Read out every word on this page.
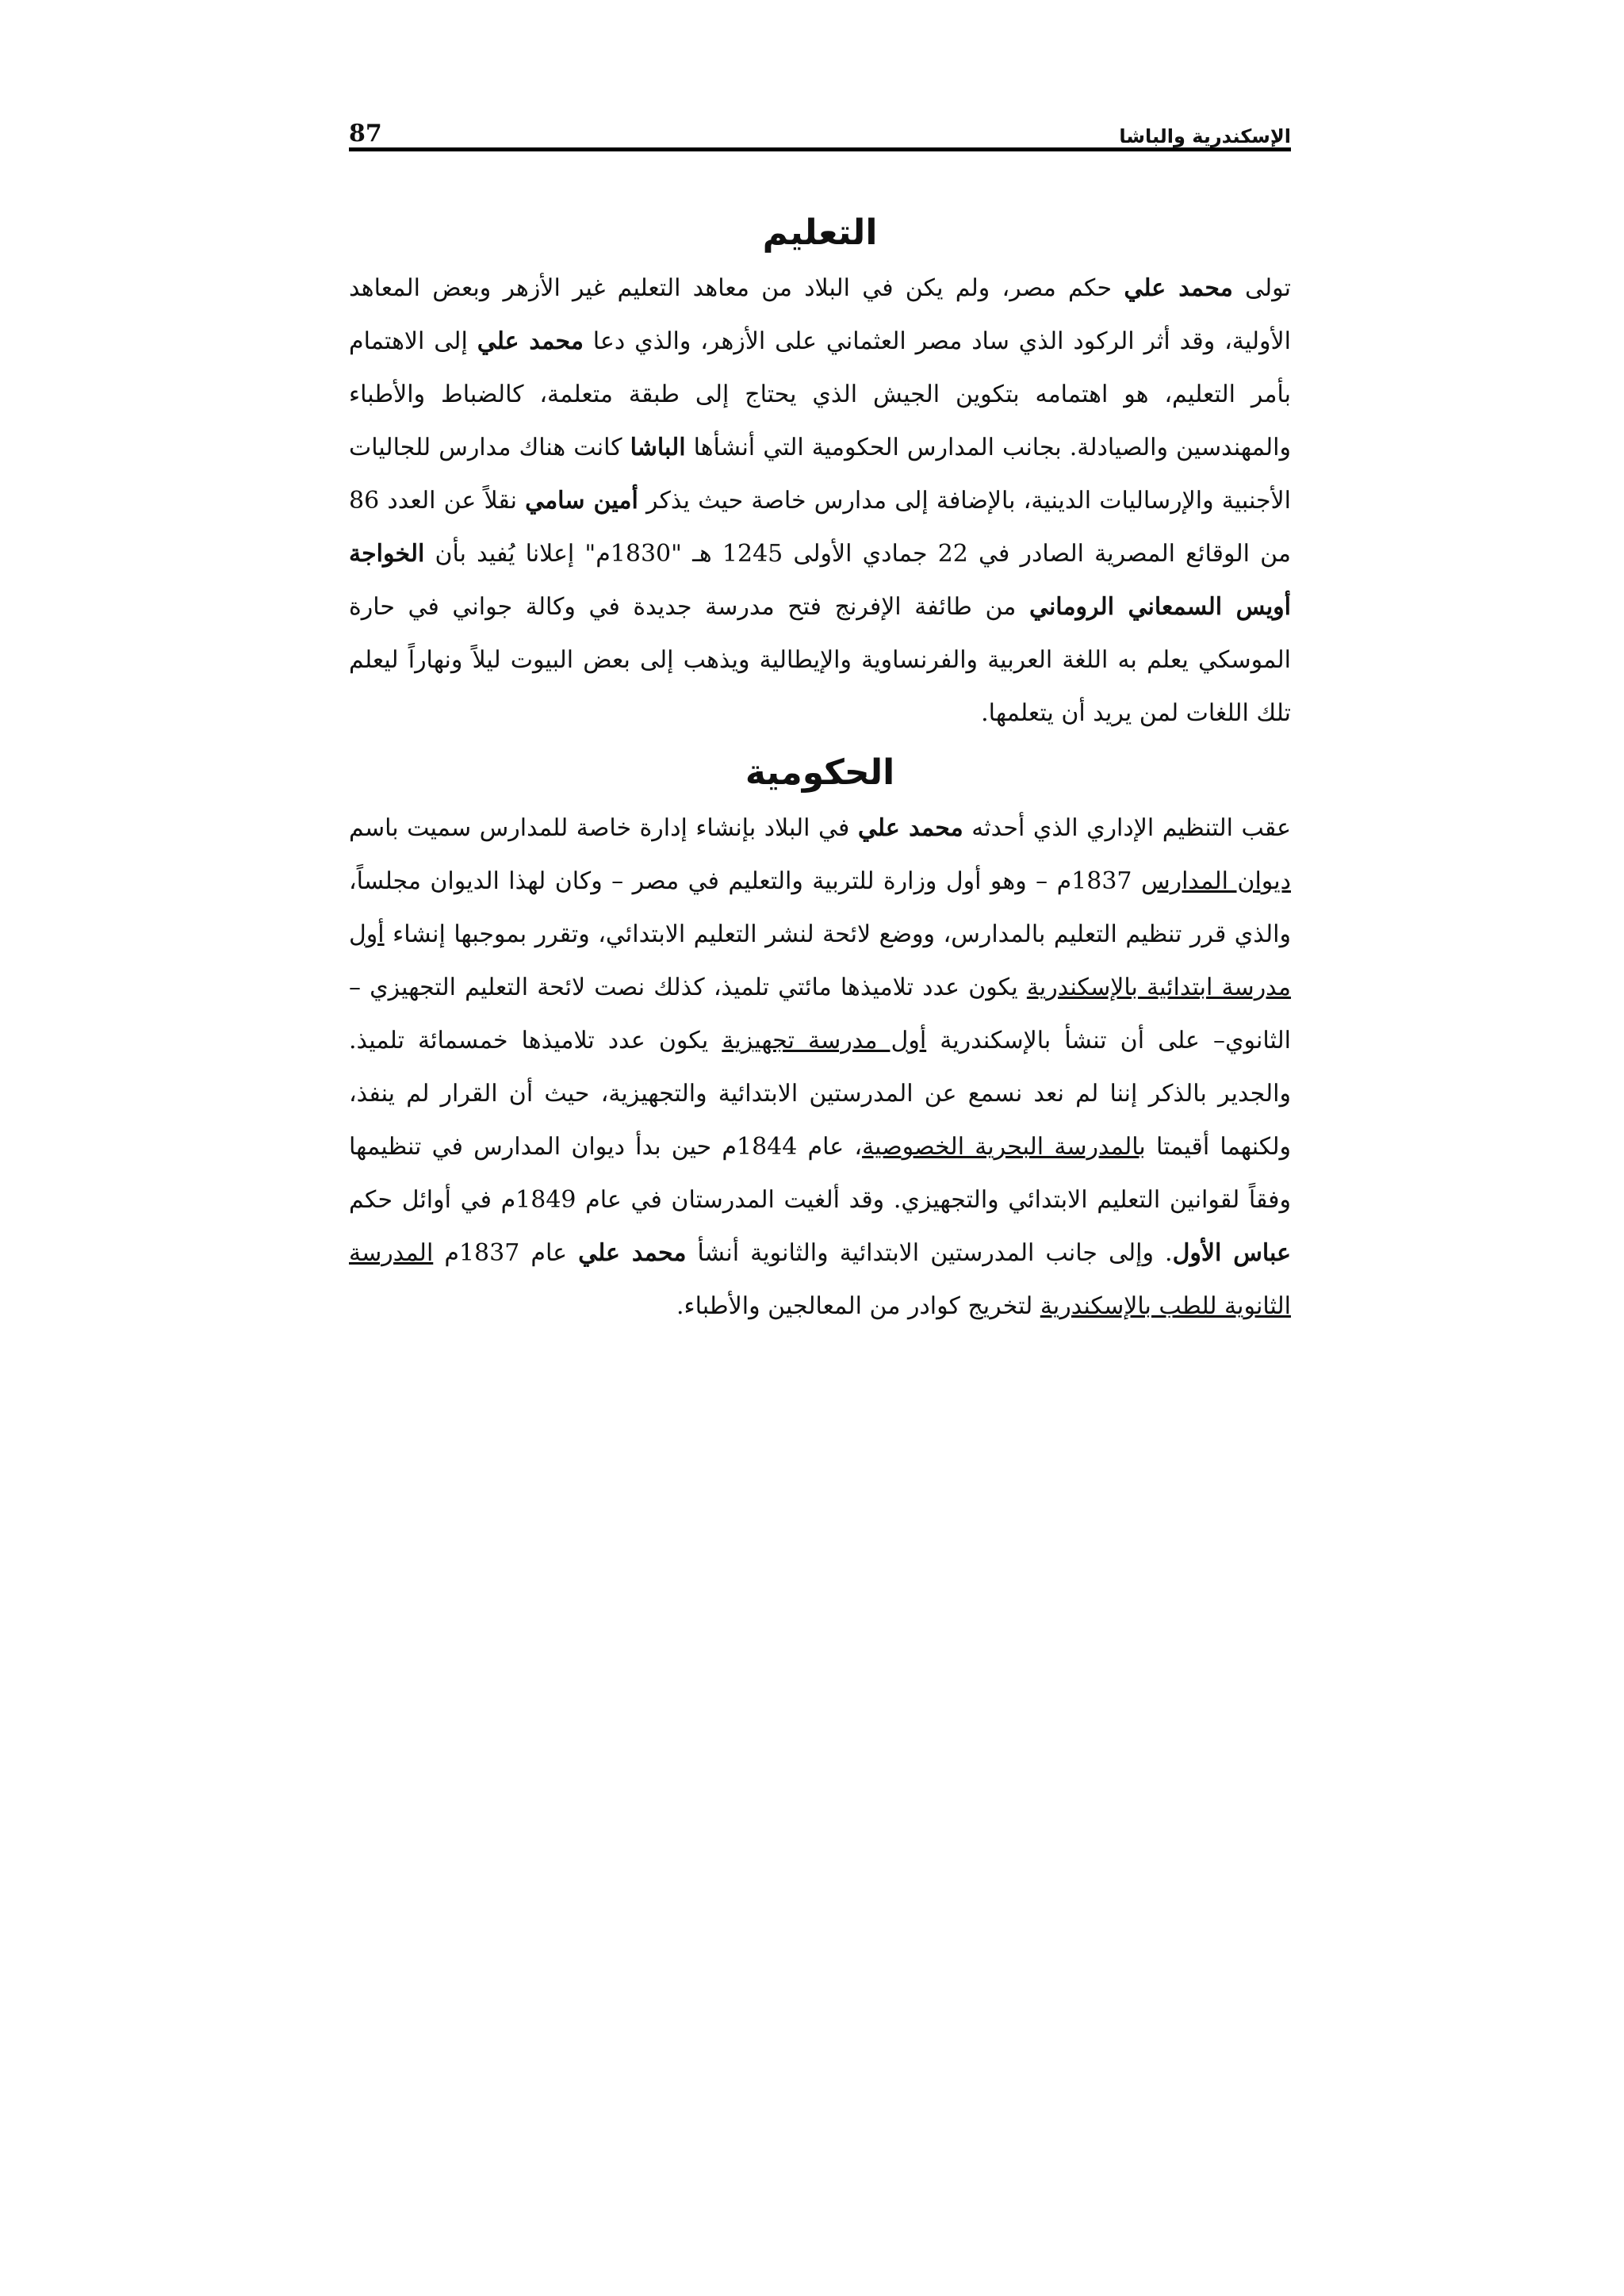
الإسكندرية والباشا
87
التعليم

تولى محمد علي حكم مصر، ولم يكن في البلاد من معاهد التعليم غير الأزهر وبعض المعاهد الأولية، وقد أثر الركود الذي ساد مصر العثماني على الأزهر، والذي دعا محمد علي إلى الاهتمام بأمر التعليم، هو اهتمامه بتكوين الجيش الذي يحتاج إلى طبقة متعلمة، كالضباط والأطباء والمهندسين والصيادلة. بجانب المدارس الحكومية التي أنشأها الباشا كانت هناك مدارس للجاليات الأجنبية والإرساليات الدينية، بالإضافة إلى مدارس خاصة حيث يذكر أمين سامي نقلاً عن العدد 86 من الوقائع المصرية الصادر في 22 جمادي الأولى 1245 هـ "1830م" إعلانا يُفيد بأن الخواجة أويس السمعاني الروماني من طائفة الإفرنج فتح مدرسة جديدة في وكالة جواني في حارة الموسكي يعلم به اللغة العربية والفرنساوية والإيطالية ويذهب إلى بعض البيوت ليلاً ونهاراً ليعلم تلك اللغات لمن يريد أن يتعلمها.

الحكومية

عقب التنظيم الإداري الذي أحدثه محمد علي في البلاد بإنشاء إدارة خاصة للمدارس سميت باسم ديوان المدارس 1837م – وهو أول وزارة للتربية والتعليم في مصر – وكان لهذا الديوان مجلساً، والذي قرر تنظيم التعليم بالمدارس، ووضع لائحة لنشر التعليم الابتدائي، وتقرر بموجبها إنشاء أول مدرسة ابتدائية بالإسكندرية يكون عدد تلاميذها مائتي تلميذ، كذلك نصت لائحة التعليم التجهيزي –الثانوي– على أن تنشأ بالإسكندرية أول مدرسة تجهيزية يكون عدد تلاميذها خمسمائة تلميذ. والجدير بالذكر إننا لم نعد نسمع عن المدرستين الابتدائية والتجهيزية، حيث أن القرار لم ينفذ، ولكنهما أقيمتا بالمدرسة البحرية الخصوصية، عام 1844م حين بدأ ديوان المدارس في تنظيمها وفقاً لقوانين التعليم الابتدائي والتجهيزي. وقد ألغيت المدرستان في عام 1849م في أوائل حكم عباس الأول. وإلى جانب المدرستين الابتدائية والثانوية أنشأ محمد علي عام 1837م المدرسة الثانوية للطب بالإسكندرية لتخريج كوادر من المعالجين والأطباء.
